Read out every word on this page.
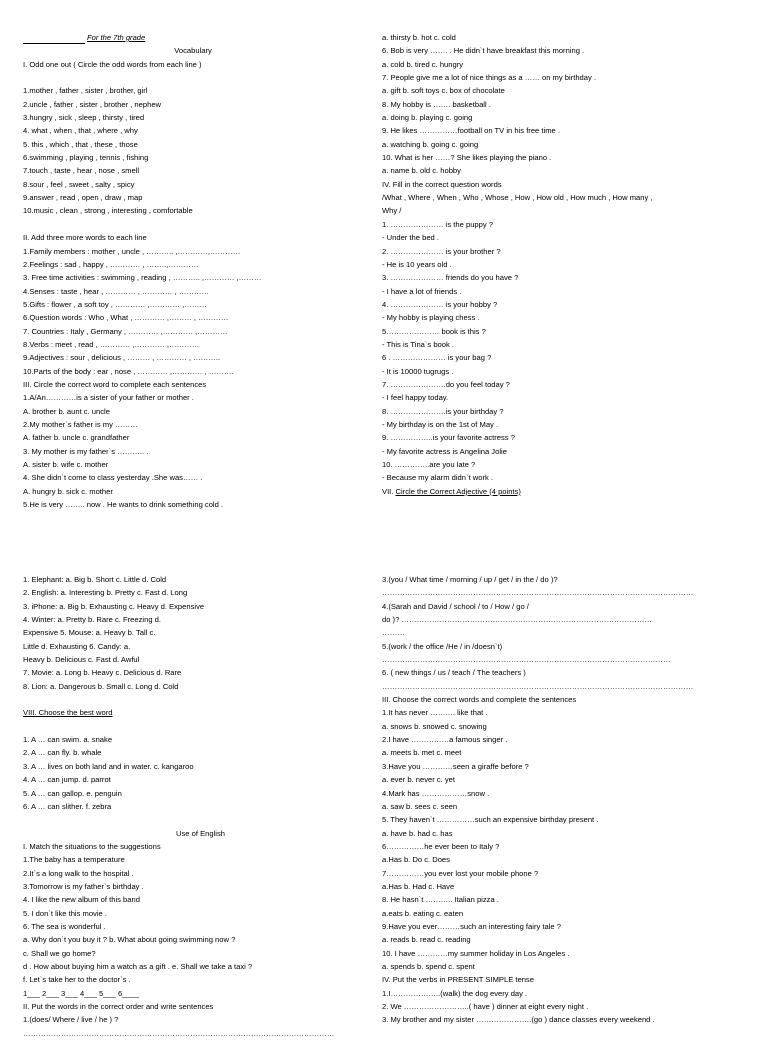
For the 7th grade
Vocabulary
I. Odd one out ( Circle the odd words from each line )
1.mother , father , sister , brother, girl
2.uncle , father , sister , brother , nephew
3.hungry , sick , sleep , thirsty , tired
4. what , when , that , where , why
5. this , which , that , these , those
6.swimming , playing , tennis , fishing
7.touch , taste , hear , nose , smell
8.sour , feel , sweet , salty , spicy
9.answer , read , open , draw , map
10.music , clean , strong , interesting , comfortable
II. Add three more words to each line
1.Family members : mother , uncle , ……….. ,…………,…………
2.Feelings : sad , happy , ………… , ……..,…………
3. Free time activities : swimming , reading , ……….. ,………… ,………
4.Senses : taste , hear , ………… , ………… , …………
5.Gifts : flower , a soft toy , ………… ,………… ,………
6.Question words : Who , What , ………… ,……… , …………
7. Countries : Italy , Germany , ………… ,………… ,…………
8.Verbs : meet , read , ………… ,………… ,…………
9.Adjectives : sour , delicious , ……… , ………… , ………..
10.Parts of the body : ear , nose , ………… ,………… , ……….
III. Circle the correct word to complete each sentences
1.A/An…………is a sister of your father or mother .
A. brother b. aunt c. uncle
2.My mother`s father is my ………
A. father b. uncle c. grandfather
3. My mother is my father`s ……….. .
A. sister b. wife c. mother
4. She didn`t come to class yesterday .She was…… .
A. hungry b. sick c. mother
5.He is very …….. now . He wants to drink something cold .
a. thirsty b. hot c. cold
6. Bob is very ……. . He didn`t have breakfast this morning .
a. cold b. tired c. hungry
7. People give me a lot of nice things as a …… on my birthday .
a. gift b. soft toys c. box of chocolate
8. My hobby is ……. basketball .
a. doing b. playing c. going
9. He likes ……………football on TV in his free time .
a. watching b. going c. going
10. What is her ……? She likes playing the piano .
a. name b. old c. hobby
IV. Fill in the correct question words
/What , Where , When , Who , Whose , How , How old , How much , How many ,
Why /
1. ………………… is the puppy ?
- Under the bed .
2. ………………… is your brother ?
- He is 10 years old .
3. ………………… friends do you have ?
- I have a lot of friends .
4. ………………… is your hobby ?
- My hobby is playing chess .
5………………… book is this ?
- This is Tina`s book .
6 . ………………… is your bag ?
- It is 10000 tugrugs .
7. ………………….do you feel today ?
- I feel happy today.
8. ………………….is your birthday ?
- My birthday is on the 1st of May .
9. ……………..is your favorite actress ?
- My favorite actress is Angelina Jolie
10. …………..are you late ?
- Because my alarm didn`t work .
VII. Circle the Correct Adjective (4 points)
1. Elephant: a. Big b. Short c. Little d. Cold
2. English: a. Interesting b. Pretty c. Fast d. Long
3. iPhone: a. Big b. Exhausting c. Heavy d. Expensive
4. Winter: a. Pretty b. Rare c. Freezing d.
Expensive 5. Mouse: a. Heavy b. Tall c.
Little d. Exhausting 6. Candy: a.
Heavy b. Delicious c. Fast d. Awful
7. Movie: a. Long b. Heavy c. Delicious d. Rare
8. Lion: a. Dangerous b. Small c. Long d. Cold
VIII. Choose the best word
1. A … can swim. a. snake
2. A … can fly. b. whale
3. A … lives on both land and in water. c. kangaroo
4. A … can jump. d. parrot
5. A … can gallop. e. penguin
6. A … can slither. f. zebra
Use of English
I. Match the situations to the suggestions
1.The baby has a temperature
2.It`s a long walk to the hospital .
3.Tomorrow is my father`s birthday .
4. I like the new album of this band
5. I don`t like this movie .
6. The sea is wonderful .
a. Why don`t you buy it ? b. What about going swimming now ?
c. Shall we go home?
d . How about buying him a watch as a gift . e. Shall we take a taxi ?
f. Let`s take her to the doctor`s .
1___ 2___ 3___ 4___ 5___ 6____
II. Put the words in the correct order and write sentences
1.(does/ Where / live / he ) ?
……………………………………………………………………………………………………………
3.(you / What time / morning / up / get / in the / do )?
……………………………………………………………………………………………………………
4.(Sarah and David / school / to / How / go /
do )? ………………………………………………………………………………………
………
5.(work / the office /He / in /doesn`t)
……………………………………………………………………………………………………
6. ( new things / us / teach / The teachers )
……………………………………………………………………………………………………………
III. Choose the correct words and complete the sentences
1.It has never ………. like that .
a. snows b. snowed c. snowing
2.I have ……………a famous singer .
a. meets b. met c. meet
3.Have you …………seen a giraffe before ?
a. ever b. never c. yet
4.Mark has ………………snow .
a. saw b. sees c. seen
5. They haven`t ……………such an expensive birthday present .
a. have b. had c. has
6……………he ever been to Italy ?
a.Has b. Do c. Does
7……………you ever lost your mobile phone ?
a.Has b. Had c. Have
8. He hasn`t ……….. Italian pizza .
a.eats b. eating c. eaten
9.Have you ever………such an interesting fairy tale ?
a. reads b. read c. reading
10. I have …………my summer holiday in Los Angeles .
a. spends b. spend c. spent
IV. Put the verbs in PRESENT SIMPLE tense
1.I………………..(walk) the dog every day .
2. We ……………………..( have ) dinner at eight every night .
3. My brother and my sister ………………….(go ) dance classes every weekend .
